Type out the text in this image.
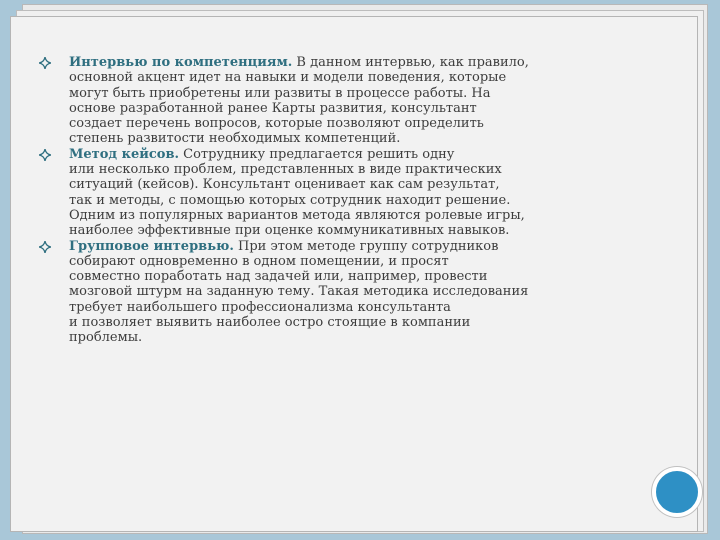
Интервью по компетенциям. В данном интервью, как правило,
основной акцент идет на навыки и модели поведения, которые
могут быть приобретены или развиты в процессе работы. На
основе разработанной ранее Карты развития, консультант
создает перечень вопросов, которые позволяют определить
степень развитости необходимых компетенций.
Метод кейсов. Сотруднику предлагается решить одну
или несколько проблем, представленных в виде практических
ситуаций (кейсов). Консультант оценивает как сам результат,
так и методы, с помощью которых сотрудник находит решение.
Одним из популярных вариантов метода являются ролевые игры,
наиболее эффективные при оценке коммуникативных навыков.
Групповое интервью. При этом методе группу сотрудников
собирают одновременно в одном помещении, и просят
совместно поработать над задачей или, например, провести
мозговой штурм на заданную тему. Такая методика исследования
требует наибольшего профессионализма консультанта
и позволяет выявить наиболее остро стоящие в компании
проблемы.
